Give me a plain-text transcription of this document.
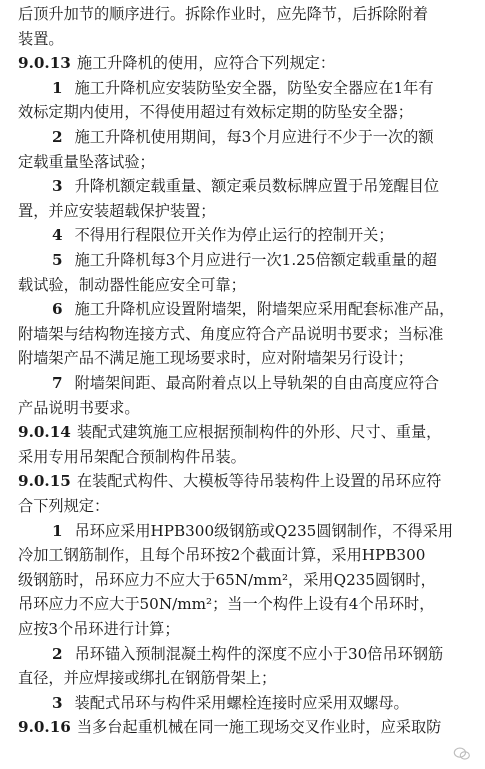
后顶升加节的顺序进行。拆除作业时，应先降节，后拆除附着
装置。
9.0.13 施工升降机的使用，应符合下列规定：
1 施工升降机应安装防坠安全器，防坠安全器应在1年有
效标定期内使用，不得使用超过有效标定期的防坠安全器；
2 施工升降机使用期间，每3个月应进行不少于一次的额
定载重量坠落试验；
3 升降机额定载重量、额定乘员数标牌应置于吊笼醒目位
置，并应安装超载保护装置；
4 不得用行程限位开关作为停止运行的控制开关；
5 施工升降机每3个月应进行一次1.25倍额定载重量的超
载试验，制动器性能应安全可靠；
6 施工升降机应设置附墙架，附墙架应采用配套标准产品，
附墙架与结构物连接方式、角度应符合产品说明书要求；当标准
附墙架产品不满足施工现场要求时，应对附墙架另行设计；
7 附墙架间距、最高附着点以上导轨架的自由高度应符合
产品说明书要求。
9.0.14 装配式建筑施工应根据预制构件的外形、尺寸、重量，
采用专用吊架配合预制构件吊装。
9.0.15 在装配式构件、大模板等待吊装构件上设置的吊环应符
合下列规定：
1 吊环应采用HPB300级钢筋或Q235圆钢制作，不得采用
冷加工钢筋制作，且每个吊环按2个截面计算，采用HPB300
级钢筋时，吊环应力不应大于65N/mm²，采用Q235圆钢时，
吊环应力不应大于50N/mm²；当一个构件上设有4个吊环时，
应按3个吊环进行计算；
2 吊环锚入预制混凝土构件的深度不应小于30倍吊环钢筋
直径，并应焊接或绑扎在钢筋骨架上；
3 装配式吊环与构件采用螺栓连接时应采用双螺母。
9.0.16 当多台起重机械在同一施工现场交叉作业时，应采取防
